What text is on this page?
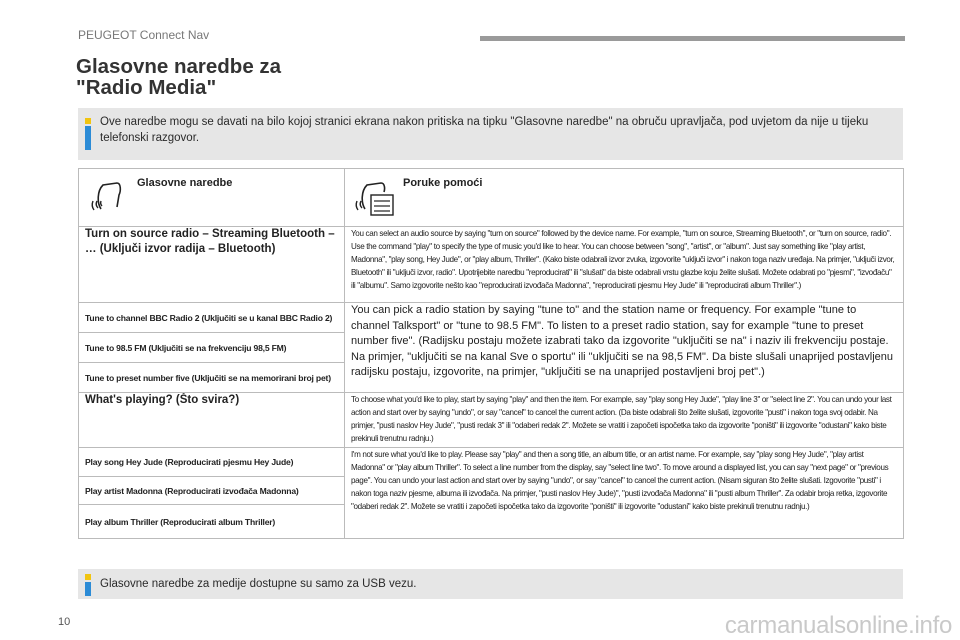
PEUGEOT Connect Nav
Glasovne naredbe za
"Radio Media"
Ove naredbe mogu se davati na bilo kojoj stranici ekrana nakon pritiska na tipku "Glasovne naredbe" na obruču upravljača, pod uvjetom da nije u tijeku telefonski razgovor.
Glasovne naredbe	Poruke pomoći

Turn on source radio – Streaming Bluetooth – … (Uključi izvor radija – Bluetooth)	You can select an audio source by saying "turn on source" followed by the device name. For example, "turn on source, Streaming Bluetooth", or "turn on source, radio". Use the command "play" to specify the type of music you'd like to hear. You can choose between "song", "artist", or "album". Just say something like "play artist, Madonna", "play song, Hey Jude", or "play album, Thriller". (Kako biste odabrali izvor zvuka, izgovorite "uključi izvor" i nakon toga naziv uređaja. Na primjer, "uključi izvor, Bluetooth" ili "uključi izvor, radio". Upotrijebite naredbu "reproducirati" ili "slušati" da biste odabrali vrstu glazbe koju želite slušati. Možete odabrati po "pjesmi", "izvođaču" ili "albumu". Samo izgovorite nešto kao "reproducirati izvođača Madonna", "reproducirati pjesmu Hey Jude" ili "reproducirati album Thriller".)
Tune to channel BBC Radio 2 (Uključiti se u kanal BBC Radio 2)	You can pick a radio station by saying "tune to" and the station name or frequency. For example "tune to channel Talksport" or "tune to 98.5 FM". To listen to a preset radio station, say for example "tune to preset number five". (Radijsku postaju možete izabrati tako da izgovorite "uključiti se na" i naziv ili frekvenciju postaje. Na primjer, "uključiti se na kanal Sve o sportu" ili "uključiti se na 98,5 FM". Da biste slušali unaprijed postavljenu radijsku postaju, izgovorite, na primjer, "uključiti se na unaprijed postavljeni broj pet".)
Tune to 98.5 FM (Uključiti se na frekvenciju 98,5 FM)	
Tune to preset number five (Uključiti se na memorirani broj pet)	
What's playing? (Što svira?)	To choose what you'd like to play, start by saying "play" and then the item. For example, say "play song Hey Jude", "play line 3" or "select line 2". You can undo your last action and start over by saying "undo", or say "cancel" to cancel the current action. (Da biste odabrali što želite slušati, izgovorite "pusti" i nakon toga svoj odabir. Na primjer, "pusti naslov Hey Jude", "pusti redak 3" ili "odaberi redak 2". Možete se vratiti i započeti ispočetka tako da izgovorite "poništi" ili izgovorite "odustani" kako biste prekinuli trenutnu radnju.)
Play song Hey Jude (Reproducirati pjesmu Hey Jude)	I'm not sure what you'd like to play. Please say "play" and then a song title, an album title, or an artist name. For example, say "play song Hey Jude", "play artist Madonna" or "play album Thriller". To select a line number from the display, say "select line two". To move around a displayed list, you can say "next page" or "previous page". You can undo your last action and start over by saying "undo", or say "cancel" to cancel the current action. (Nisam siguran što želite slušati. Izgovorite "pusti" i nakon toga naziv pjesme, albuma ili izvođača. Na primjer, "pusti naslov Hey Jude)", "pusti izvođača Madonna" ili "pusti album Thriller". Za odabir broja retka, izgovorite "odaberi redak 2". Možete se vratiti i započeti ispočetka tako da izgovorite "poništi" ili izgovorite "odustani" kako biste prekinuli trenutnu radnju.)
Play artist Madonna (Reproducirati izvođača Madonna)	
Play album Thriller (Reproducirati album Thriller)	
Glasovne naredbe za medije dostupne su samo za USB vezu.
10	carmanualsonline.info
